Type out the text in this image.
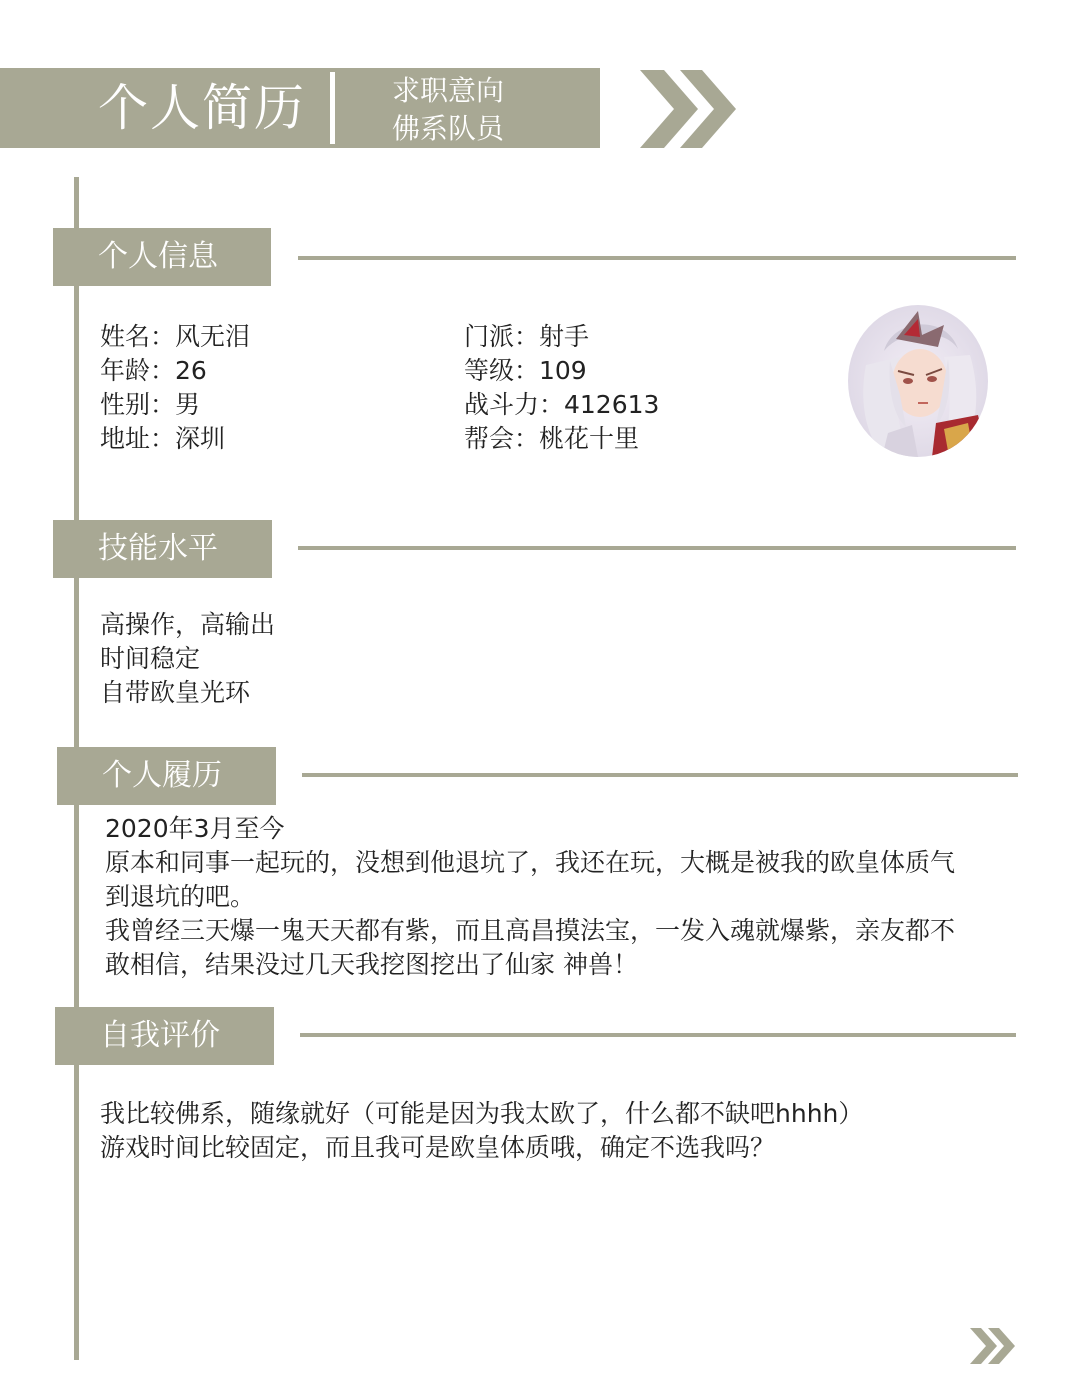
个人简历	求职意向
佛系队员
个人信息
姓名：风无泪
年龄：26
性别：男
地址：深圳
门派：射手
等级：109
战斗力：412613
帮会：桃花十里
技能水平
高操作，高输出
时间稳定
自带欧皇光环
个人履历
2020年3月至今
原本和同事一起玩的，没想到他退坑了，我还在玩，大概是被我的欧皇体质气
到退坑的吧。
我曾经三天爆一鬼天天都有紫，而且高昌摸法宝，一发入魂就爆紫，亲友都不
敢相信，结果没过几天我挖图挖出了仙家 神兽！
自我评价
我比较佛系，随缘就好（可能是因为我太欧了，什么都不缺吧hhhh）
游戏时间比较固定，而且我可是欧皇体质哦，确定不选我吗？
